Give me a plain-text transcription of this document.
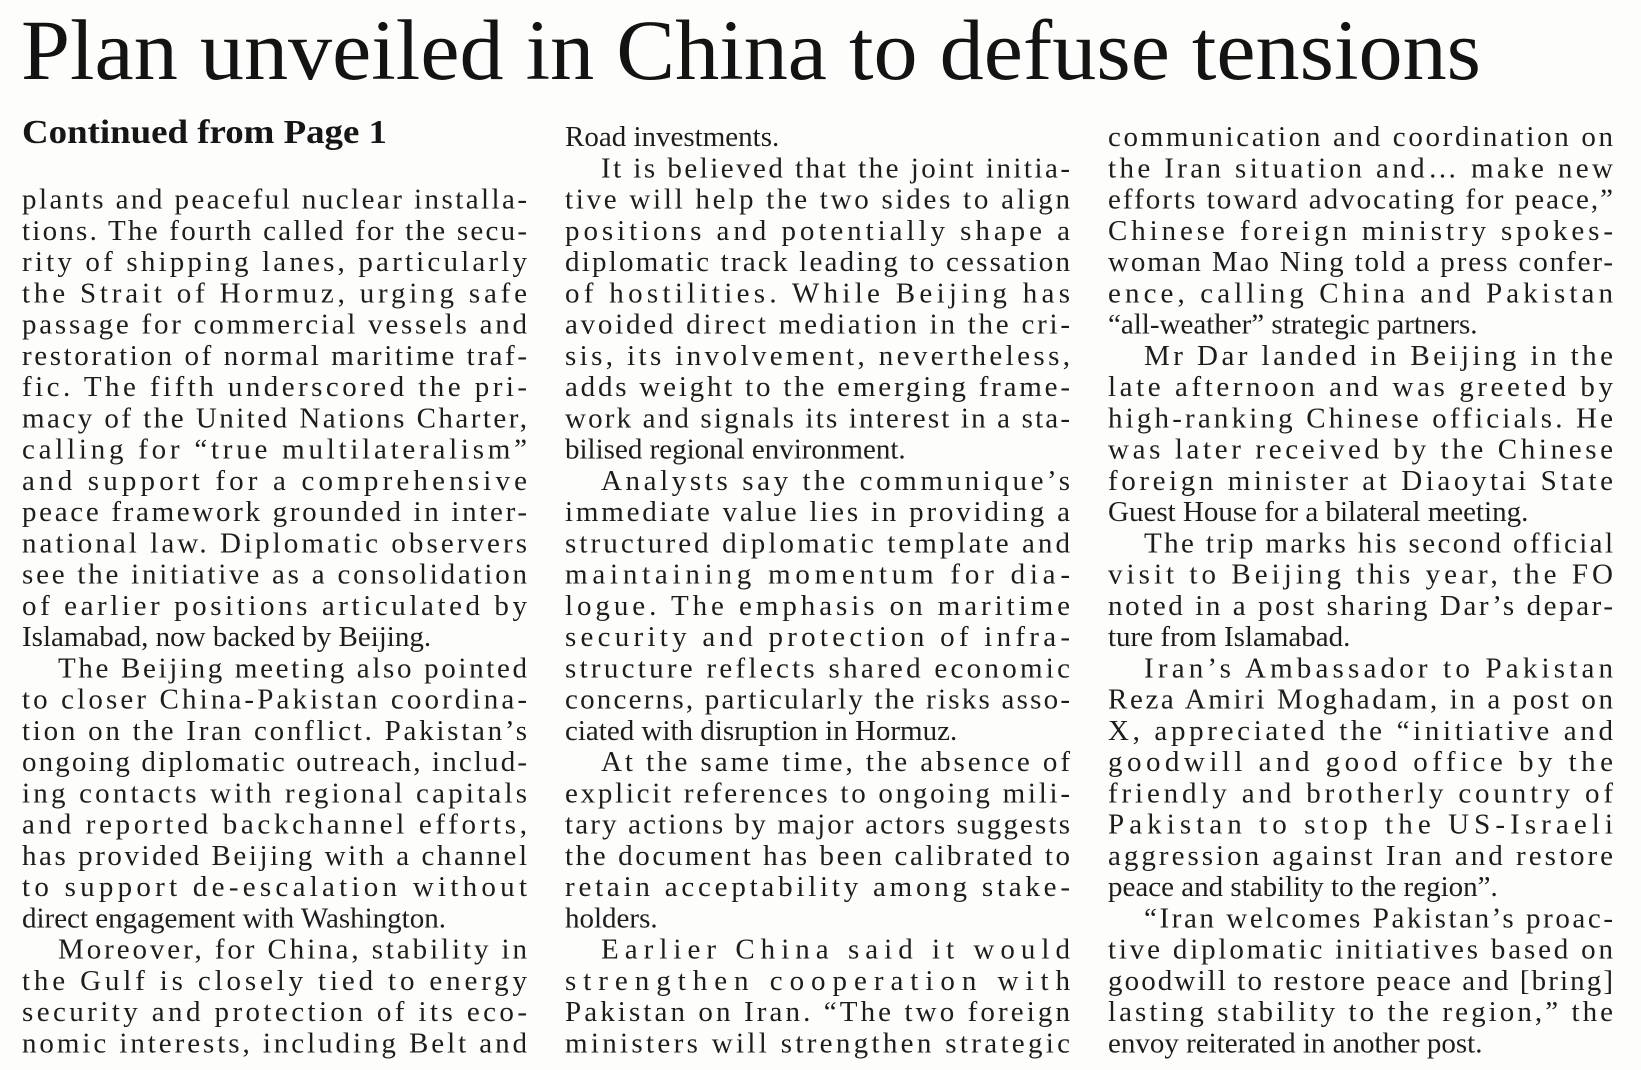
Plan unveiled in China to defuse tensions
Continued from Page 1
plants and peaceful nuclear installa-
tions. The fourth called for the secu-
rity of shipping lanes, particularly
the Strait of Hormuz, urging safe
passage for commercial vessels and
restoration of normal maritime traf-
fic. The fifth underscored the pri-
macy of the United Nations Charter,
calling for “true multilateralism”
and support for a comprehensive
peace framework grounded in inter-
national law. Diplomatic observers
see the initiative as a consolidation
of earlier positions articulated by
Islamabad, now backed by Beijing.
The Beijing meeting also pointed
to closer China-Pakistan coordina-
tion on the Iran conflict. Pakistan’s
ongoing diplomatic outreach, includ-
ing contacts with regional capitals
and reported backchannel efforts,
has provided Beijing with a channel
to support de-escalation without
direct engagement with Washington.
Moreover, for China, stability in
the Gulf is closely tied to energy
security and protection of its eco-
nomic interests, including Belt and
Road investments.
It is believed that the joint initia-
tive will help the two sides to align
positions and potentially shape a
diplomatic track leading to cessation
of hostilities. While Beijing has
avoided direct mediation in the cri-
sis, its involvement, nevertheless,
adds weight to the emerging frame-
work and signals its interest in a sta-
bilised regional environment.
Analysts say the communique’s
immediate value lies in providing a
structured diplomatic template and
maintaining momentum for dia-
logue. The emphasis on maritime
security and protection of infra-
structure reflects shared economic
concerns, particularly the risks asso-
ciated with disruption in Hormuz.
At the same time, the absence of
explicit references to ongoing mili-
tary actions by major actors suggests
the document has been calibrated to
retain acceptability among stake-
holders.
Earlier China said it would
strengthen cooperation with
Pakistan on Iran. “The two foreign
ministers will strengthen strategic
communication and coordination on
the Iran situation and… make new
efforts toward advocating for peace,”
Chinese foreign ministry spokes-
woman Mao Ning told a press confer-
ence, calling China and Pakistan
“all-weather” strategic partners.
Mr Dar landed in Beijing in the
late afternoon and was greeted by
high-ranking Chinese officials. He
was later received by the Chinese
foreign minister at Diaoytai State
Guest House for a bilateral meeting.
The trip marks his second official
visit to Beijing this year, the FO
noted in a post sharing Dar’s depar-
ture from Islamabad.
Iran’s Ambassador to Pakistan
Reza Amiri Moghadam, in a post on
X, appreciated the “initiative and
goodwill and good office by the
friendly and brotherly country of
Pakistan to stop the US-Israeli
aggression against Iran and restore
peace and stability to the region”.
“Iran welcomes Pakistan’s proac-
tive diplomatic initiatives based on
goodwill to restore peace and [bring]
lasting stability to the region,” the
envoy reiterated in another post.
